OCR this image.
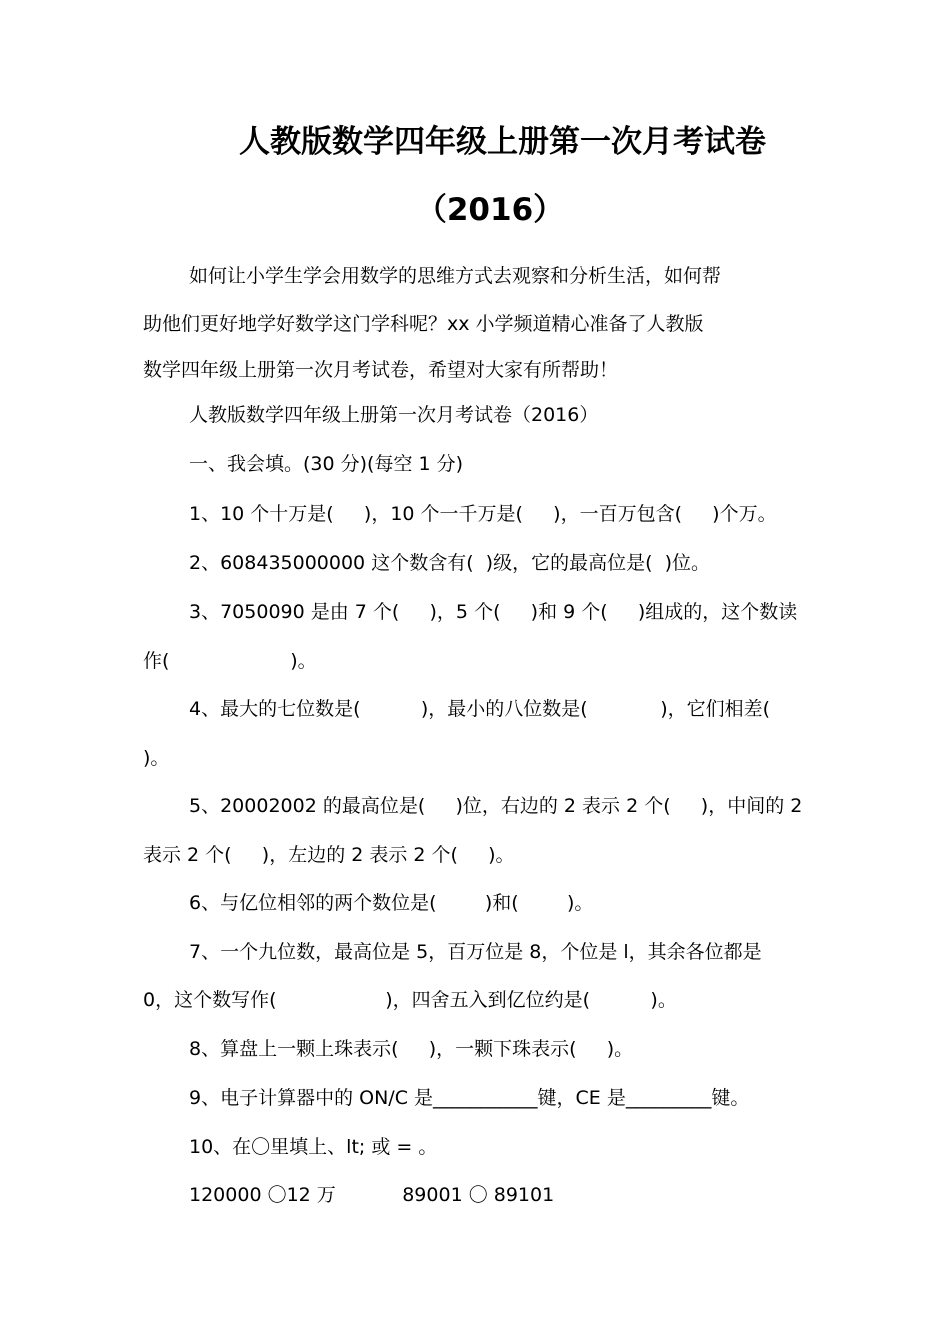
人教版数学四年级上册第一次月考试卷
（2016）
如何让小学生学会用数学的思维方式去观察和分析生活，如何帮
助他们更好地学好数学这门学科呢？xx 小学频道精心准备了人教版
数学四年级上册第一次月考试卷，希望对大家有所帮助！
人教版数学四年级上册第一次月考试卷（2016）
一、我会填。(30 分)(每空 1 分)
1、10 个十万是(     )，10 个一千万是(     )，一百万包含(     )个万。
2、608435000000 这个数含有(  )级，它的最高位是(  )位。
3、7050090 是由 7 个(     )，5 个(     )和 9 个(     )组成的，这个数读
作(                    )。
4、最大的七位数是(          )，最小的八位数是(            )，它们相差(
)。
5、20002002 的最高位是(     )位，右边的 2 表示 2 个(     )，中间的 2
表示 2 个(     )，左边的 2 表示 2 个(     )。
6、与亿位相邻的两个数位是(        )和(        )。
7、一个九位数，最高位是 5，百万位是 8，个位是 l，其余各位都是
0，这个数写作(                  )，四舍五入到亿位约是(          )。
8、算盘上一颗上珠表示(     )，一颗下珠表示(     )。
9、电子计算器中的 ON/C 是___________键，CE 是_________键。
10、在〇里填上、lt; 或 = 。
120000 〇12 万           89001 〇 89101
